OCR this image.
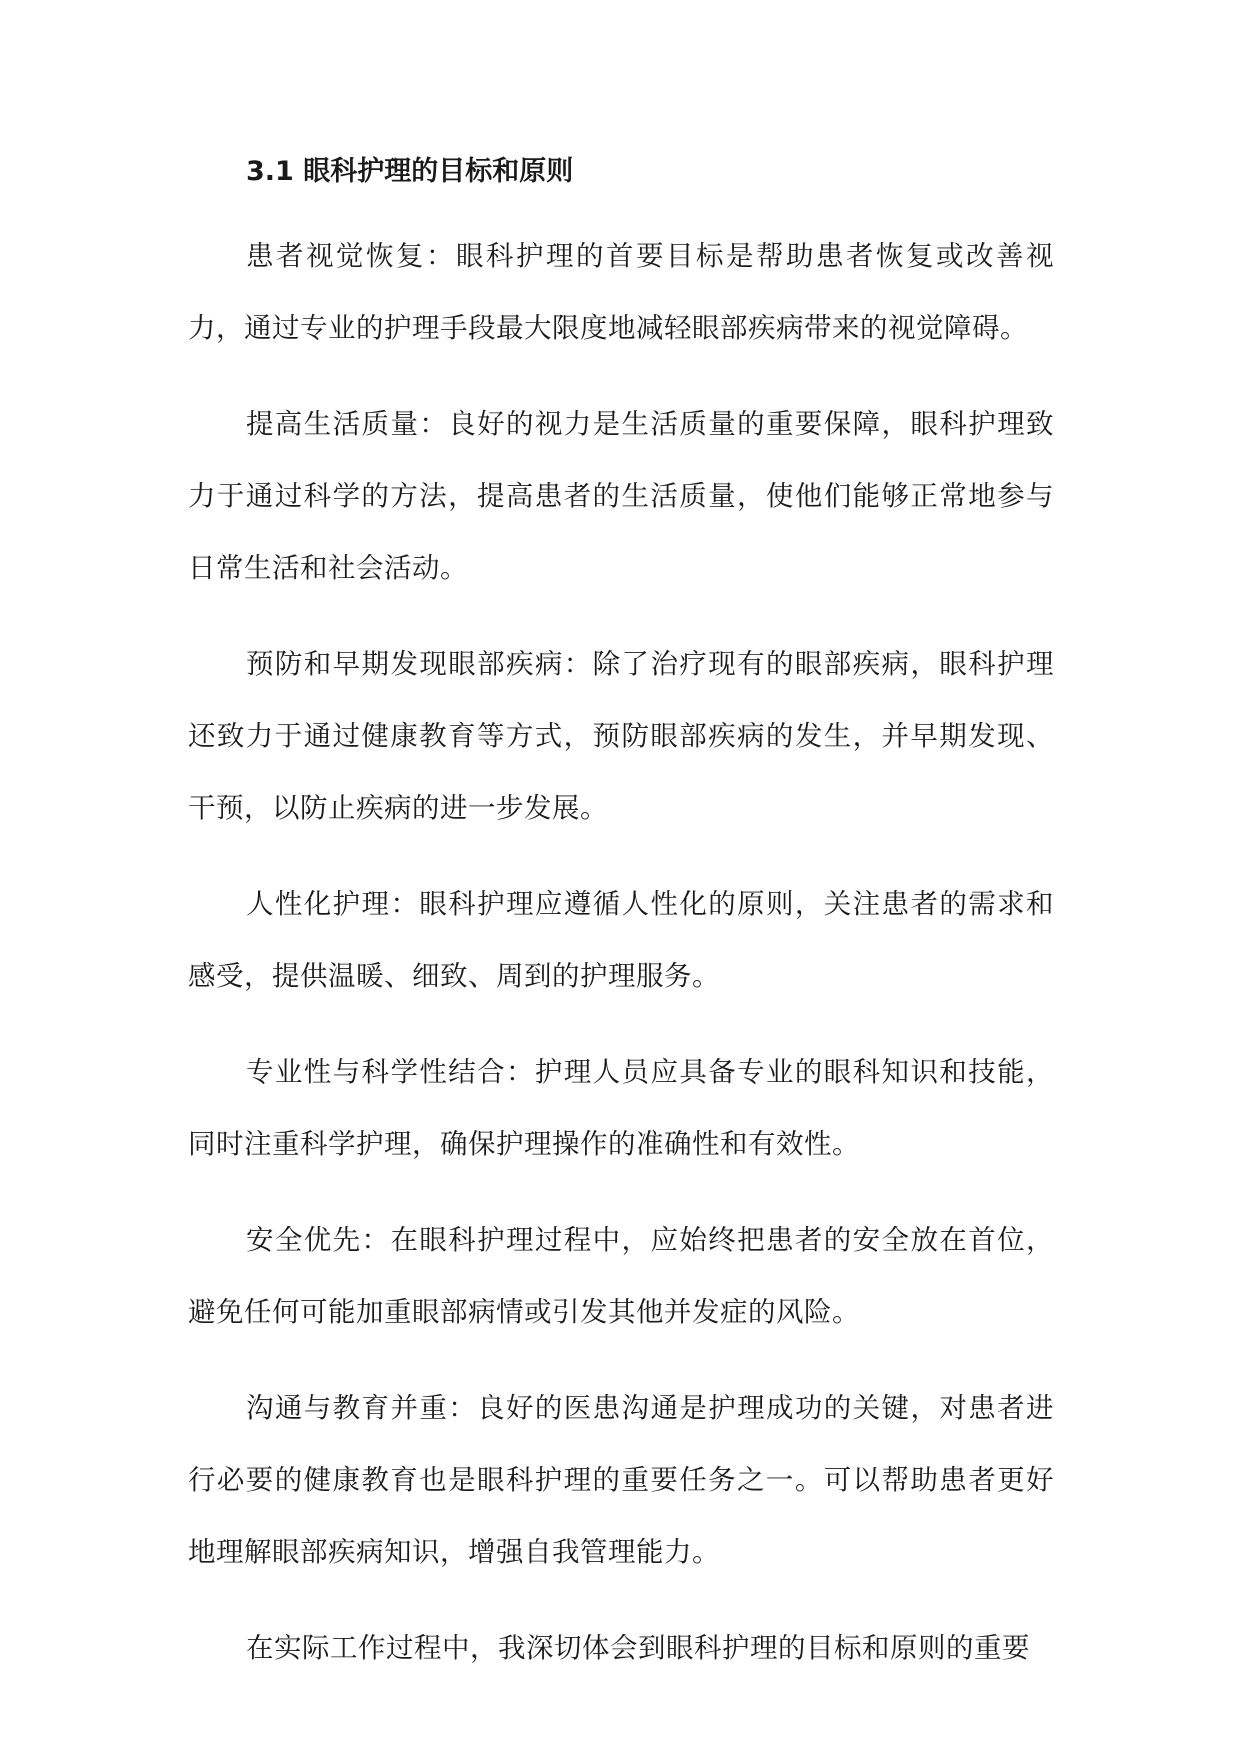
3.1 眼科护理的目标和原则

患者视觉恢复：眼科护理的首要目标是帮助患者恢复或改善视力，通过专业的护理手段最大限度地减轻眼部疾病带来的视觉障碍。

提高生活质量：良好的视力是生活质量的重要保障，眼科护理致力于通过科学的方法，提高患者的生活质量，使他们能够正常地参与日常生活和社会活动。

预防和早期发现眼部疾病：除了治疗现有的眼部疾病，眼科护理还致力于通过健康教育等方式，预防眼部疾病的发生，并早期发现、干预，以防止疾病的进一步发展。

人性化护理：眼科护理应遵循人性化的原则，关注患者的需求和感受，提供温暖、细致、周到的护理服务。

专业性与科学性结合：护理人员应具备专业的眼科知识和技能，同时注重科学护理，确保护理操作的准确性和有效性。

安全优先：在眼科护理过程中，应始终把患者的安全放在首位，避免任何可能加重眼部病情或引发其他并发症的风险。

沟通与教育并重：良好的医患沟通是护理成功的关键，对患者进行必要的健康教育也是眼科护理的重要任务之一。可以帮助患者更好地理解眼部疾病知识，增强自我管理能力。

在实际工作过程中，我深切体会到眼科护理的目标和原则的重要
